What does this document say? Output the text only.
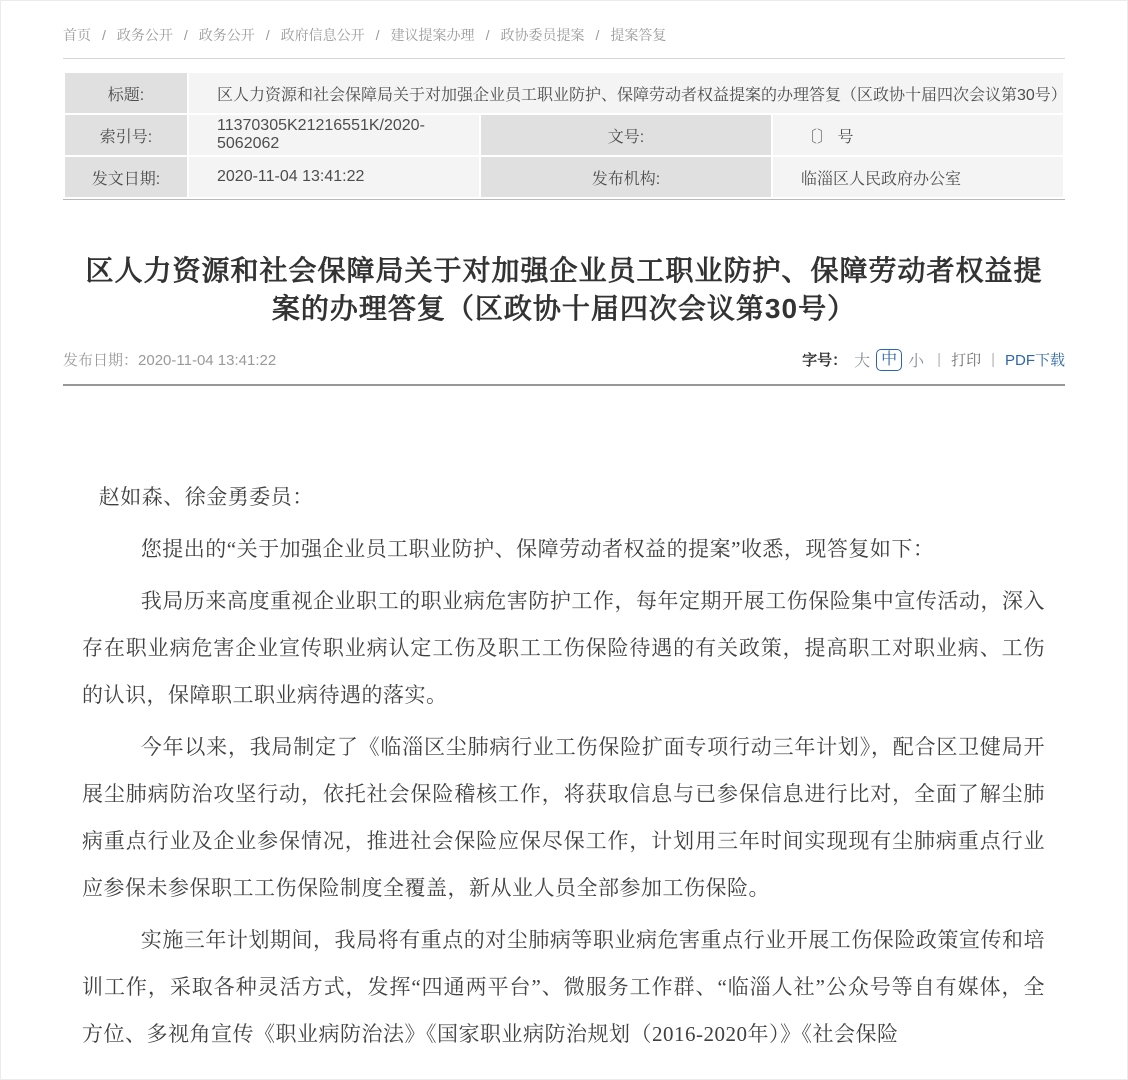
首页 / 政务公开 / 政务公开 / 政府信息公开 / 建议提案办理 / 政协委员提案 / 提案答复
标题:	区人力资源和社会保障局关于对加强企业员工职业防护、保障劳动者权益提案的办理答复（区政协十届四次会议第30号）		
索引号:	11370305K21216551K/2020-5062062	文号:	〔〕 号
发文日期:	2020-11-04 13:41:22	发布机构:	临淄区人民政府办公室
区人力资源和社会保障局关于对加强企业员工职业防护、保障劳动者权益提案的办理答复（区政协十届四次会议第30号）
发布日期：2020-11-04 13:41:22	字号： 大 中 小 | 打印 | PDF下载

赵如森、徐金勇委员：

您提出的“关于加强企业员工职业防护、保障劳动者权益的提案”收悉，现答复如下：

我局历来高度重视企业职工的职业病危害防护工作，每年定期开展工伤保险集中宣传活动，深入存在职业病危害企业宣传职业病认定工伤及职工工伤保险待遇的有关政策，提高职工对职业病、工伤的认识，保障职工职业病待遇的落实。

今年以来，我局制定了《临淄区尘肺病行业工伤保险扩面专项行动三年计划》，配合区卫健局开展尘肺病防治攻坚行动，依托社会保险稽核工作，将获取信息与已参保信息进行比对，全面了解尘肺病重点行业及企业参保情况，推进社会保险应保尽保工作，计划用三年时间实现现有尘肺病重点行业应参保未参保职工工伤保险制度全覆盖，新从业人员全部参加工伤保险。

实施三年计划期间，我局将有重点的对尘肺病等职业病危害重点行业开展工伤保险政策宣传和培训工作，采取各种灵活方式，发挥“四通两平台”、微服务工作群、“临淄人社”公众号等自有媒体，全方位、多视角宣传《职业病防治法》《国家职业病防治规划（2016-2020年）》《社会保险
